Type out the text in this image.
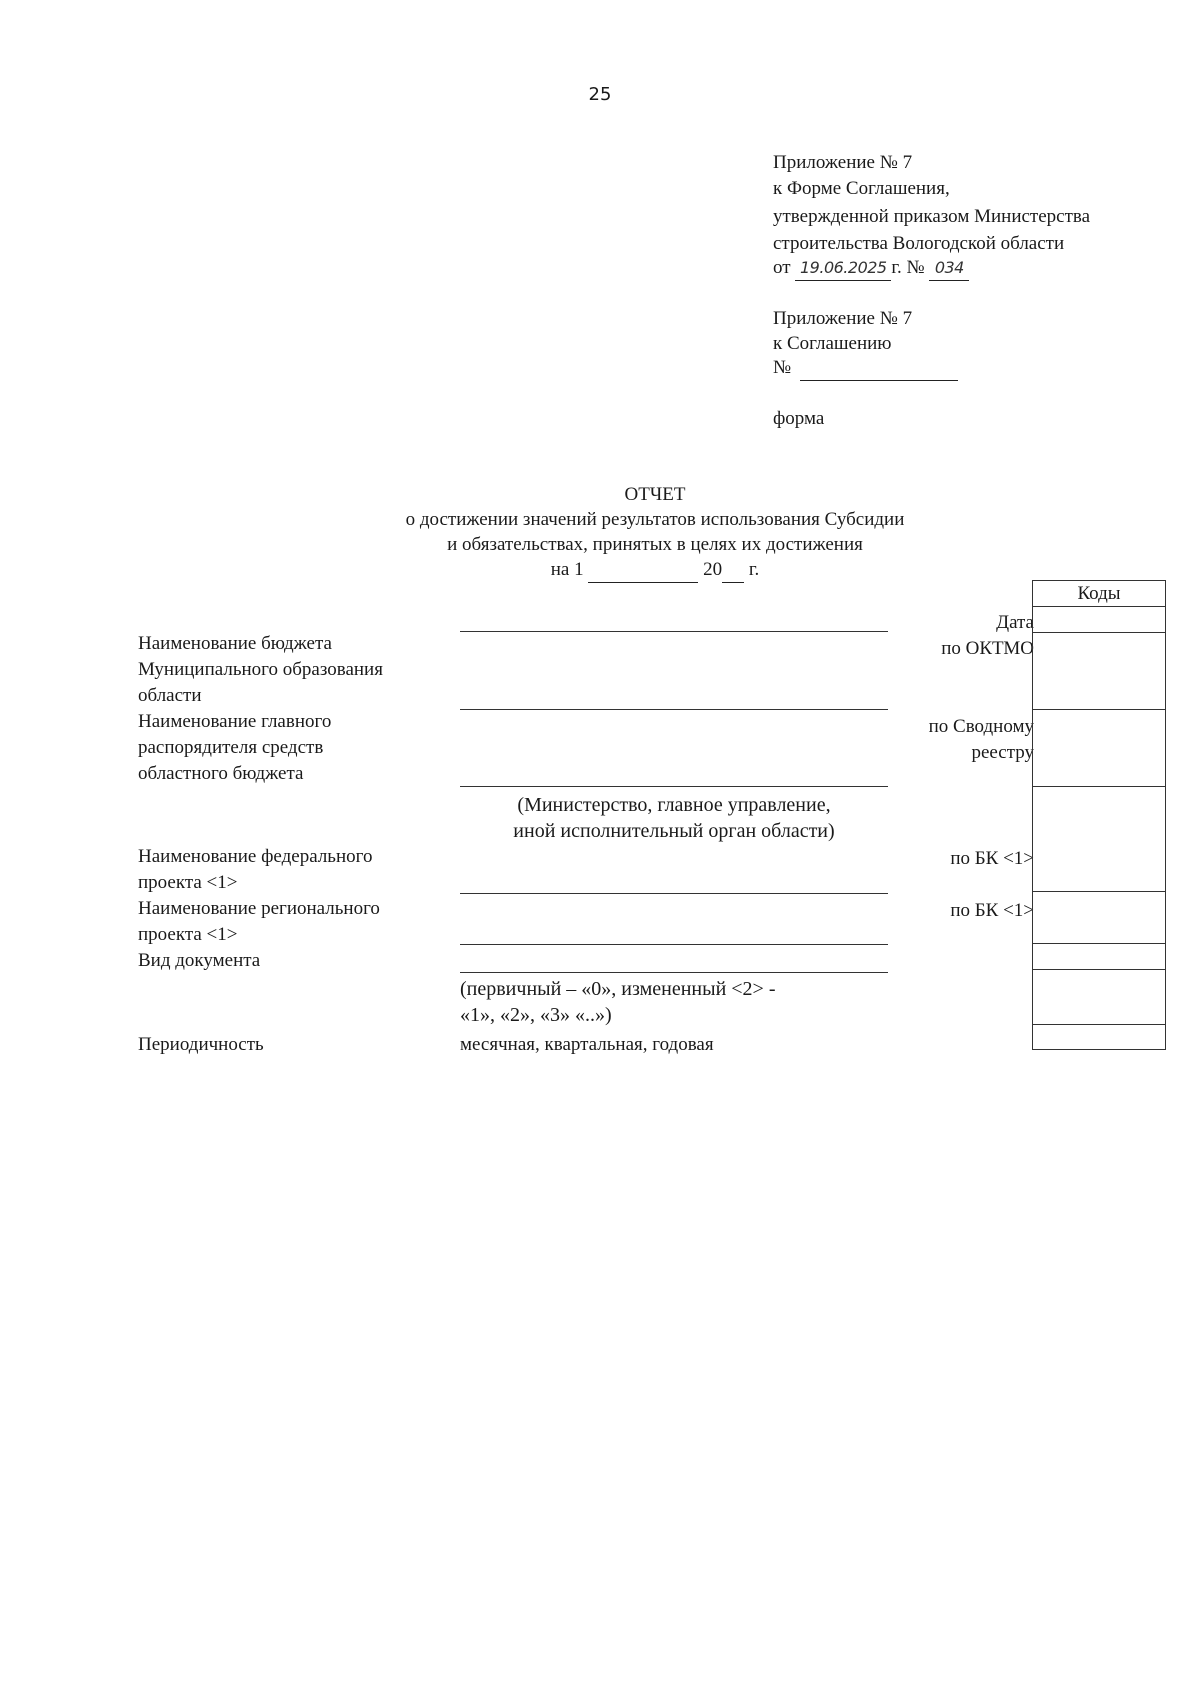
25
Приложение № 7
к Форме Соглашения,
утвержденной приказом Министерства
строительства Вологодской области
от 19.06.2025 г. № 034
Приложение № 7
к Соглашению
№
форма
ОТЧЕТ
о достижении значений результатов использования Субсидии
и обязательствах, принятых в целях их достижения
на 1	20 г.
Наименование бюджета
Муниципального образования
области
Наименование главного
распорядителя средств
областного бюджета
Наименование федерального
проекта <1>
Наименование регионального
проекта <1>
Вид документа
Периодичность
(Министерство, главное управление,
иной исполнительный орган области)
(первичный – «0», измененный <2> -
«1», «2», «3» «..»)
месячная, квартальная, годовая
Дата
по ОКТМО
по Сводному
реестру
по БК <1>
по БК <1>
Коды
